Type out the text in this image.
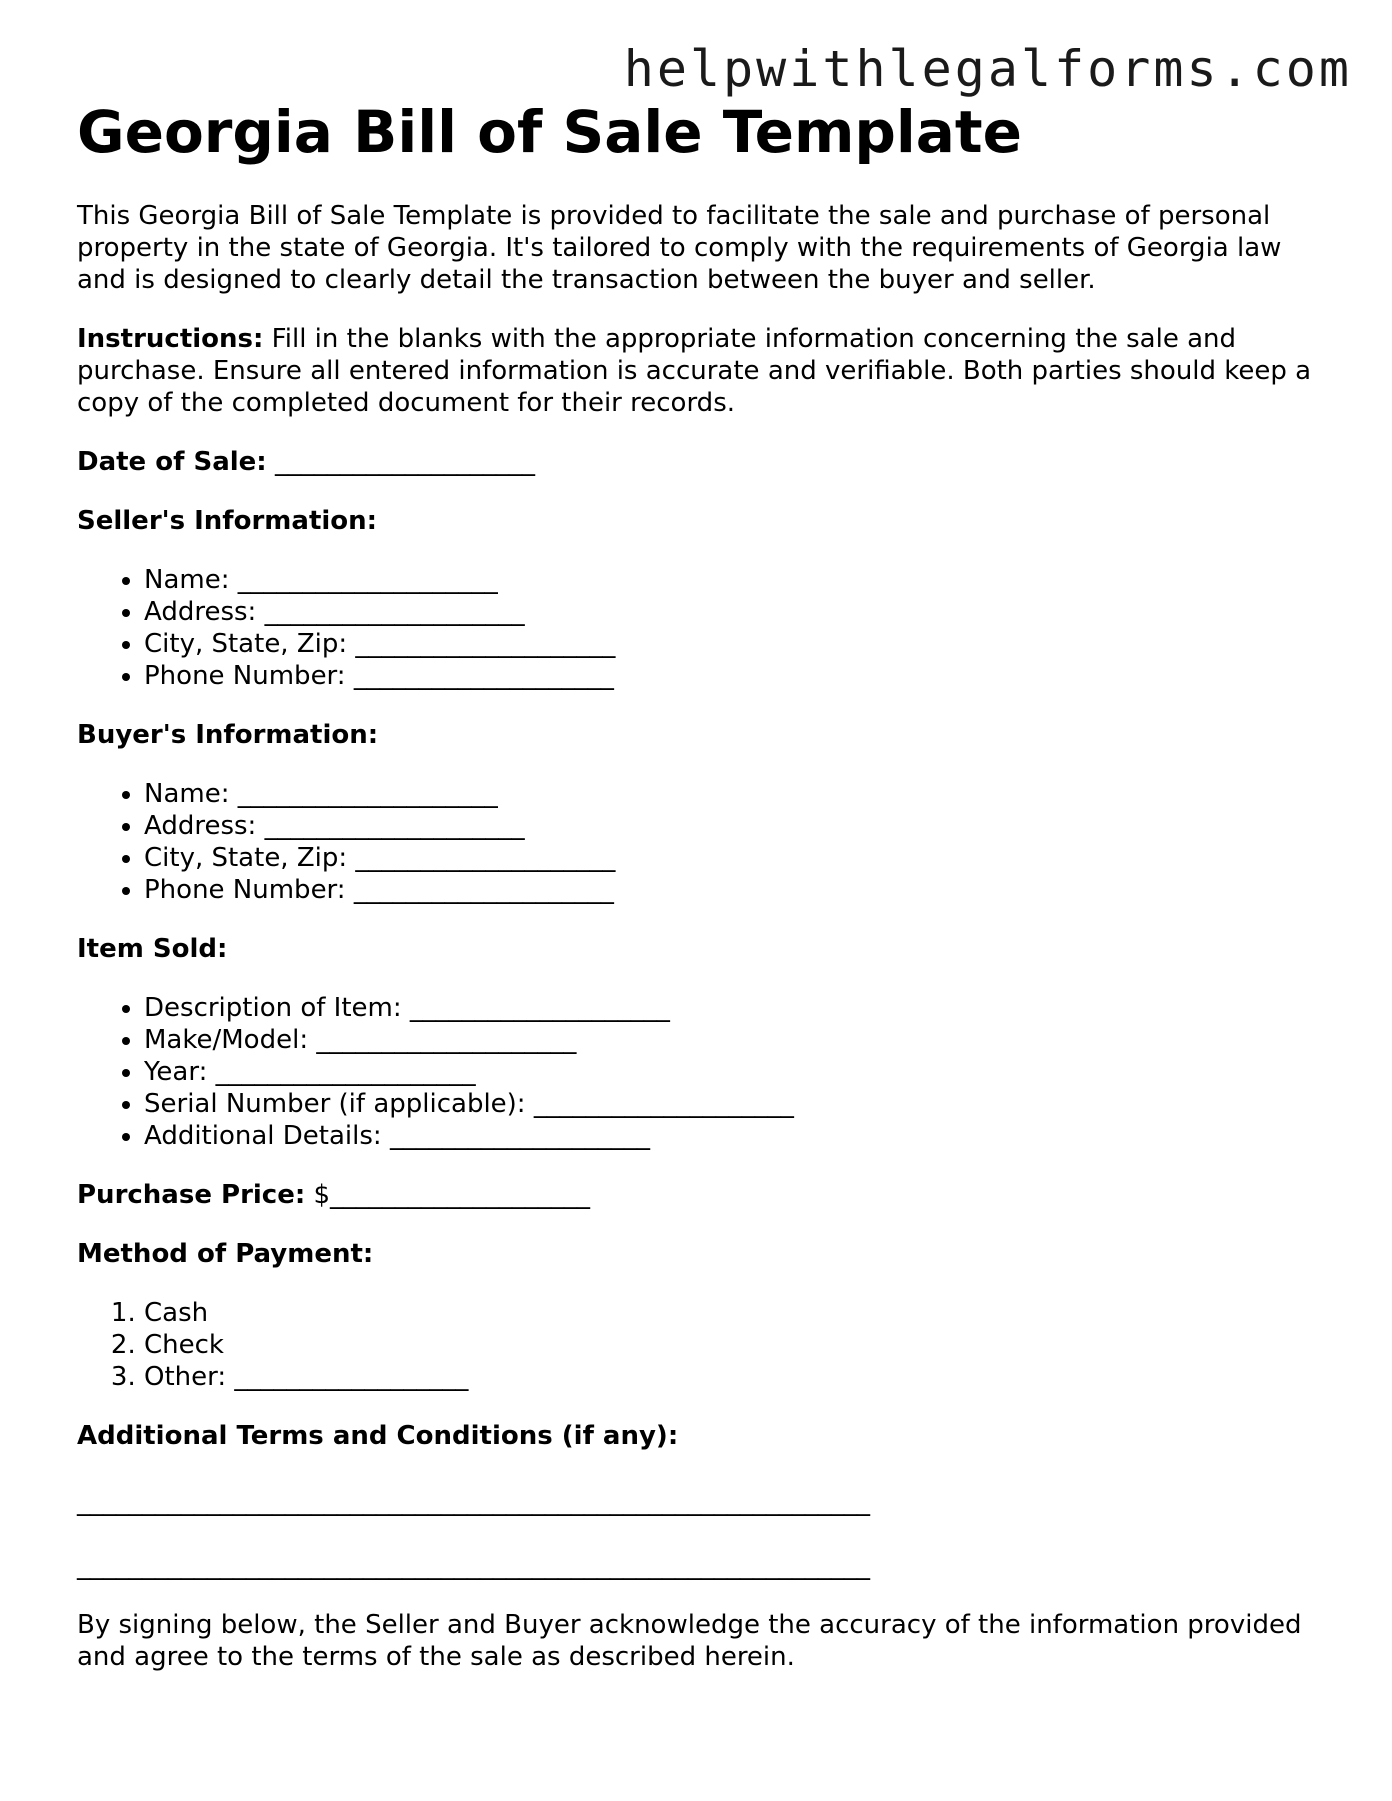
helpwithlegalforms.com
Georgia Bill of Sale Template

This Georgia Bill of Sale Template is provided to facilitate the sale and purchase of personal property in the state of Georgia. It's tailored to comply with the requirements of Georgia law and is designed to clearly detail the transaction between the buyer and seller.

Instructions: Fill in the blanks with the appropriate information concerning the sale and purchase. Ensure all entered information is accurate and verifiable. Both parties should keep a copy of the completed document for their records.

Date of Sale: ____________________

Seller's Information:

• Name: ____________________
• Address: ____________________
• City, State, Zip: ____________________
• Phone Number: ____________________

Buyer's Information:

• Name: ____________________
• Address: ____________________
• City, State, Zip: ____________________
• Phone Number: ____________________

Item Sold:

• Description of Item: ____________________
• Make/Model: ____________________
• Year: ____________________
• Serial Number (if applicable): ____________________
• Additional Details: ____________________

Purchase Price: $____________________

Method of Payment:

1. Cash
2. Check
3. Other: __________________

Additional Terms and Conditions (if any):

_____________________________________________________________
_____________________________________________________________

By signing below, the Seller and Buyer acknowledge the accuracy of the information provided and agree to the terms of the sale as described herein.
